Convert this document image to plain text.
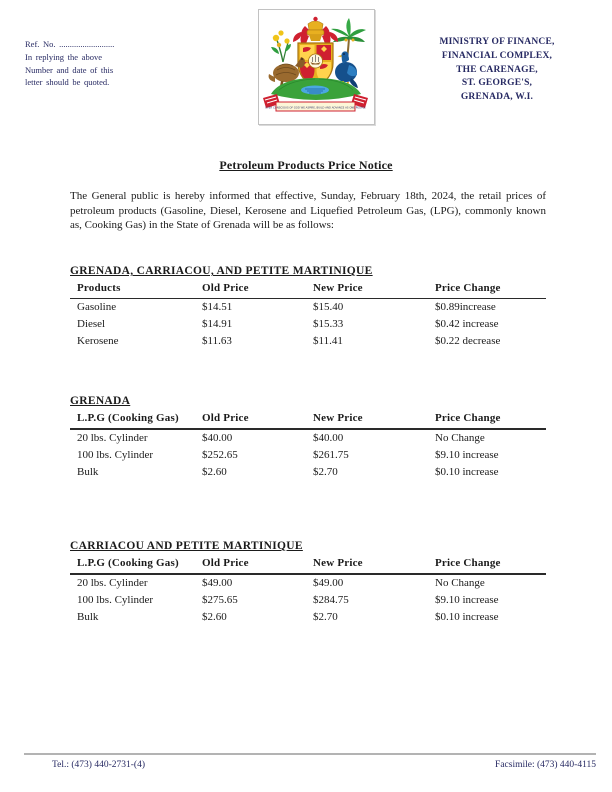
Ref. No. ..........................
In replying the above
Number and date of this
letter should be quoted.
EVER CONSCIOUS OF GOD WE ASPIRE, BUILD AND ADVANCE AS ONE PEOPLE
MINISTRY OF FINANCE,
FINANCIAL COMPLEX,
THE CARENAGE,
ST. GEORGE'S,
GRENADA, W.I.
Petroleum Products Price Notice
The General public is hereby informed that effective, Sunday, February 18th, 2024, the retail prices of petroleum products (Gasoline, Diesel, Kerosene and Liquefied Petroleum Gas, (LPG), commonly known as, Cooking Gas) in the State of Grenada will be as follows:
GRENADA, CARRIACOU, AND PETITE MARTINIQUE
Products	Old Price	New Price	Price Change
Gasoline	$14.51	$15.40	$0.89increase
Diesel	$14.91	$15.33	$0.42 increase
Kerosene	$11.63	$11.41	$0.22 decrease
GRENADA
L.P.G (Cooking Gas)	Old Price	New Price	Price Change
20 lbs. Cylinder	$40.00	$40.00	No Change
100 lbs. Cylinder	$252.65	$261.75	$9.10 increase
Bulk	$2.60	$2.70	$0.10 increase
CARRIACOU AND PETITE MARTINIQUE
L.P.G (Cooking Gas)	Old Price	New Price	Price Change
20 lbs. Cylinder	$49.00	$49.00	No Change
100 lbs. Cylinder	$275.65	$284.75	$9.10 increase
Bulk	$2.60	$2.70	$0.10 increase
Tel.: (473) 440-2731-(4)	Facsimile: (473) 440-4115
